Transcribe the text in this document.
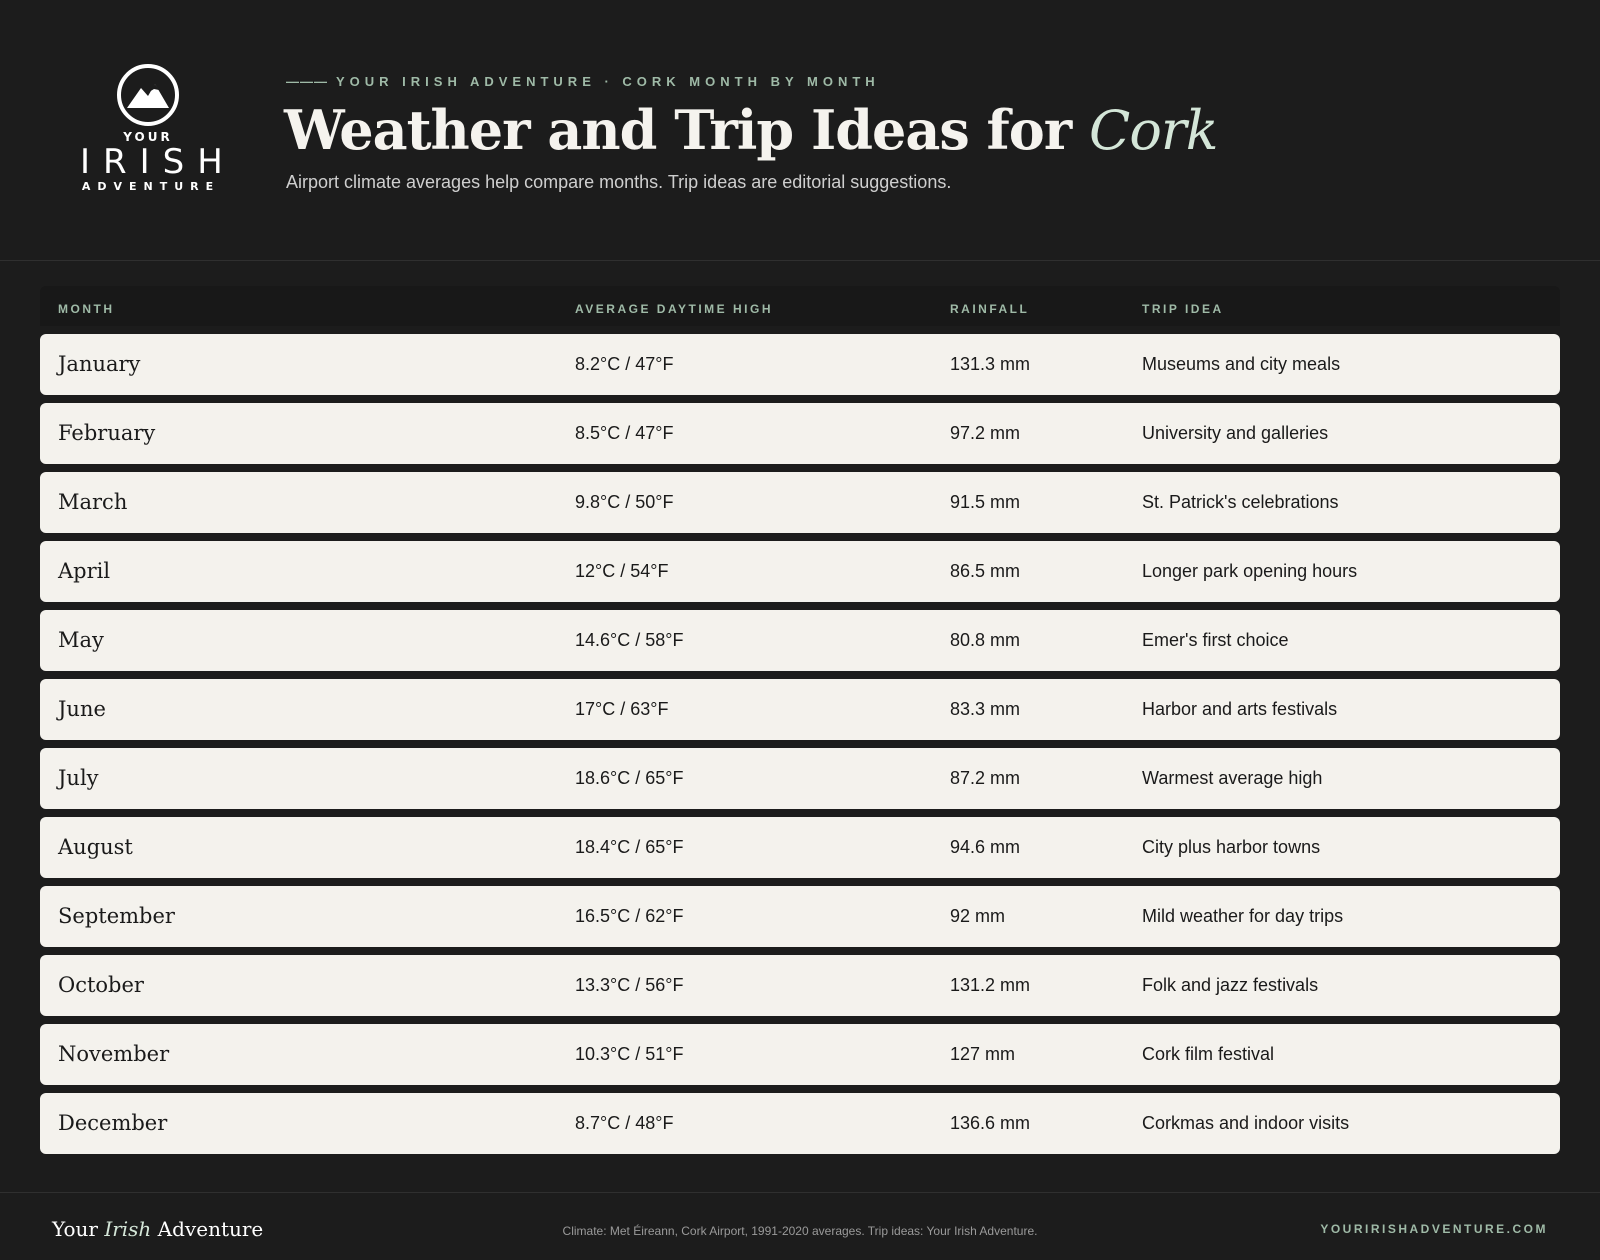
YOUR
IRISH
ADVENTURE
——— YOUR IRISH ADVENTURE · CORK MONTH BY MONTH
Weather and Trip Ideas for Cork
Airport climate averages help compare months. Trip ideas are editorial suggestions.
MONTH	AVERAGE DAYTIME HIGH	RAINFALL	TRIP IDEA
January	8.2°C / 47°F	131.3 mm	Museums and city meals
February	8.5°C / 47°F	97.2 mm	University and galleries
March	9.8°C / 50°F	91.5 mm	St. Patrick's celebrations
April	12°C / 54°F	86.5 mm	Longer park opening hours
May	14.6°C / 58°F	80.8 mm	Emer's first choice
June	17°C / 63°F	83.3 mm	Harbor and arts festivals
July	18.6°C / 65°F	87.2 mm	Warmest average high
August	18.4°C / 65°F	94.6 mm	City plus harbor towns
September	16.5°C / 62°F	92 mm	Mild weather for day trips
October	13.3°C / 56°F	131.2 mm	Folk and jazz festivals
November	10.3°C / 51°F	127 mm	Cork film festival
December	8.7°C / 48°F	136.6 mm	Corkmas and indoor visits
Your Irish Adventure	Climate: Met Éireann, Cork Airport, 1991-2020 averages. Trip ideas: Your Irish Adventure.	YOURIRISHADVENTURE.COM
